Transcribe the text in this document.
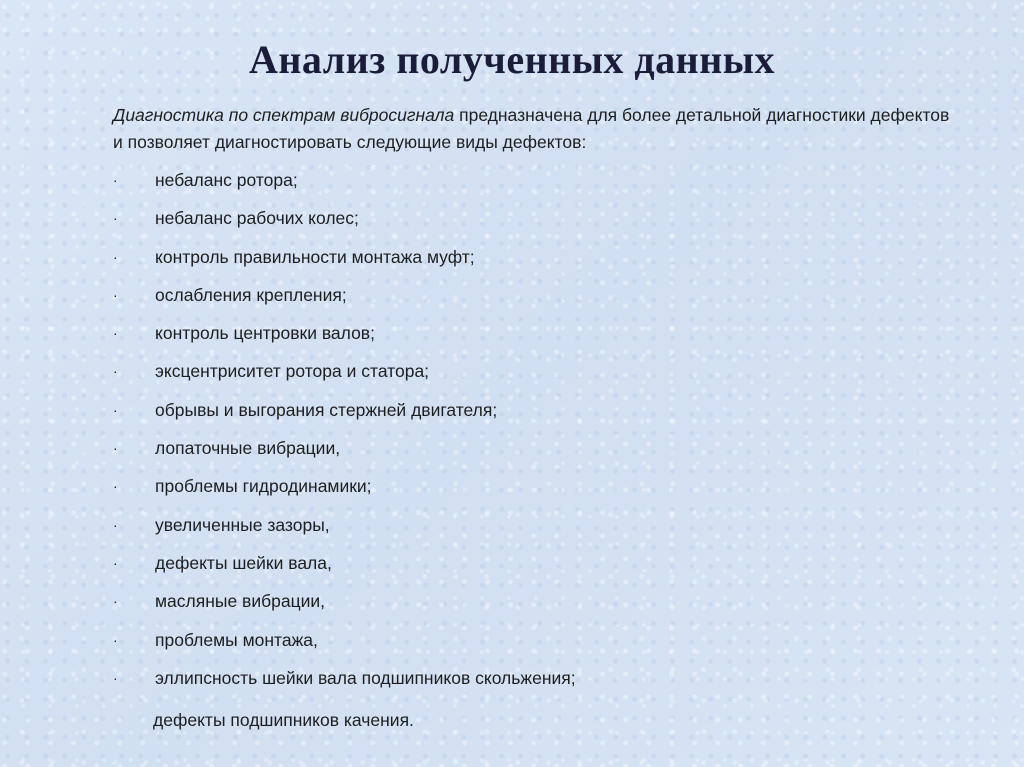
Анализ полученных данных
Диагностика по спектрам вибросигнала предназначена для более детальной диагностики дефектов и позволяет диагностировать следующие виды дефектов:
·	небаланс ротора;
·	небаланс рабочих колес;
·	контроль правильности монтажа муфт;
·	ослабления крепления;
·	контроль центровки валов;
·	эксцентриситет ротора и статора;
·	обрывы и выгорания стержней двигателя;
·	лопаточные вибрации,
·	проблемы гидродинамики;
·	увеличенные зазоры,
·	дефекты шейки вала,
·	масляные вибрации,
·	проблемы монтажа,
·	эллипсность шейки вала подшипников скольжения;
дефекты подшипников качения.
